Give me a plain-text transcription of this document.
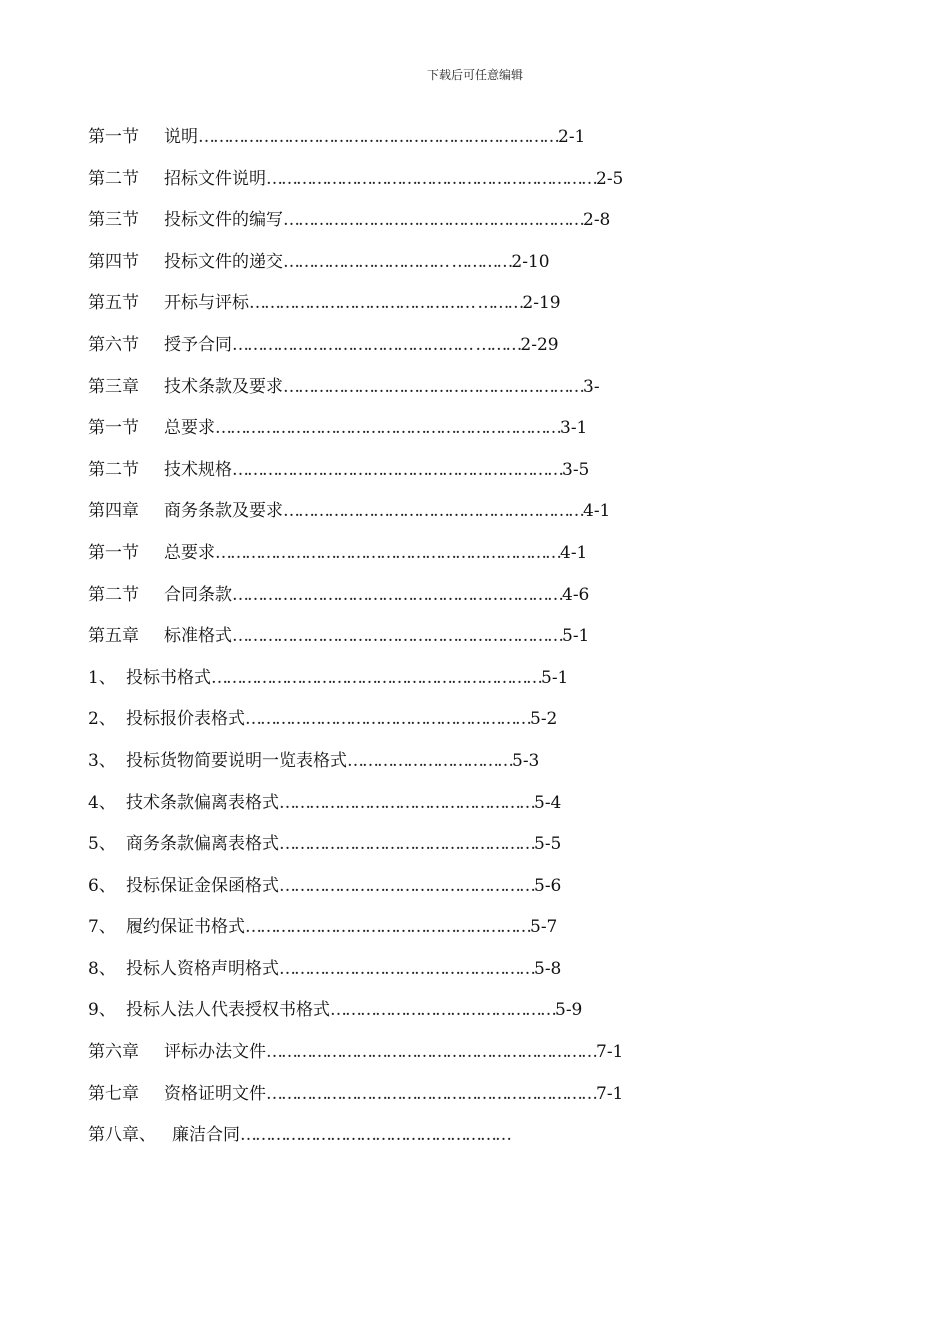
下载后可任意编辑
第一节 说明………………………………………………………………2-1
第二节 招标文件说明…………………………………………………………2-5
第三节 投标文件的编写……………………………………………………2-8
第四节 投标文件的递交…………………………… …………2-10
第五节 开标与评标……………………………………… ………2-19
第六节 授予合同………………………………………… ………2-29
第三章 技术条款及要求……………………………………………………3-
第一节 总要求……………………………………………………………3-1
第二节 技术规格…………………………………………………………3-5
第四章 商务条款及要求……………………………………………………4-1
第一节 总要求……………………………………………………………4-1
第二节 合同条款…………………………………………………………4-6
第五章 标准格式…………………………………………………………5-1
1、 投标书格式…………………………………………………………5-1
2、 投标报价表格式…………………………………………………5-2
3、 投标货物简要说明一览表格式……………………………5-3
4、 技术条款偏离表格式……………………………………………5-4
5、 商务条款偏离表格式……………………………………………5-5
6、 投标保证金保函格式……………………………………………5-6
7、 履约保证书格式…………………………………………………5-7
8、 投标人资格声明格式……………………………………………5-8
9、 投标人法人代表授权书格式………………………………………5-9
第六章 评标办法文件…………………………………………………………7-1
第七章 资格证明文件…………………………………………………………7-1
第八章、 廉洁合同………………………………………………
